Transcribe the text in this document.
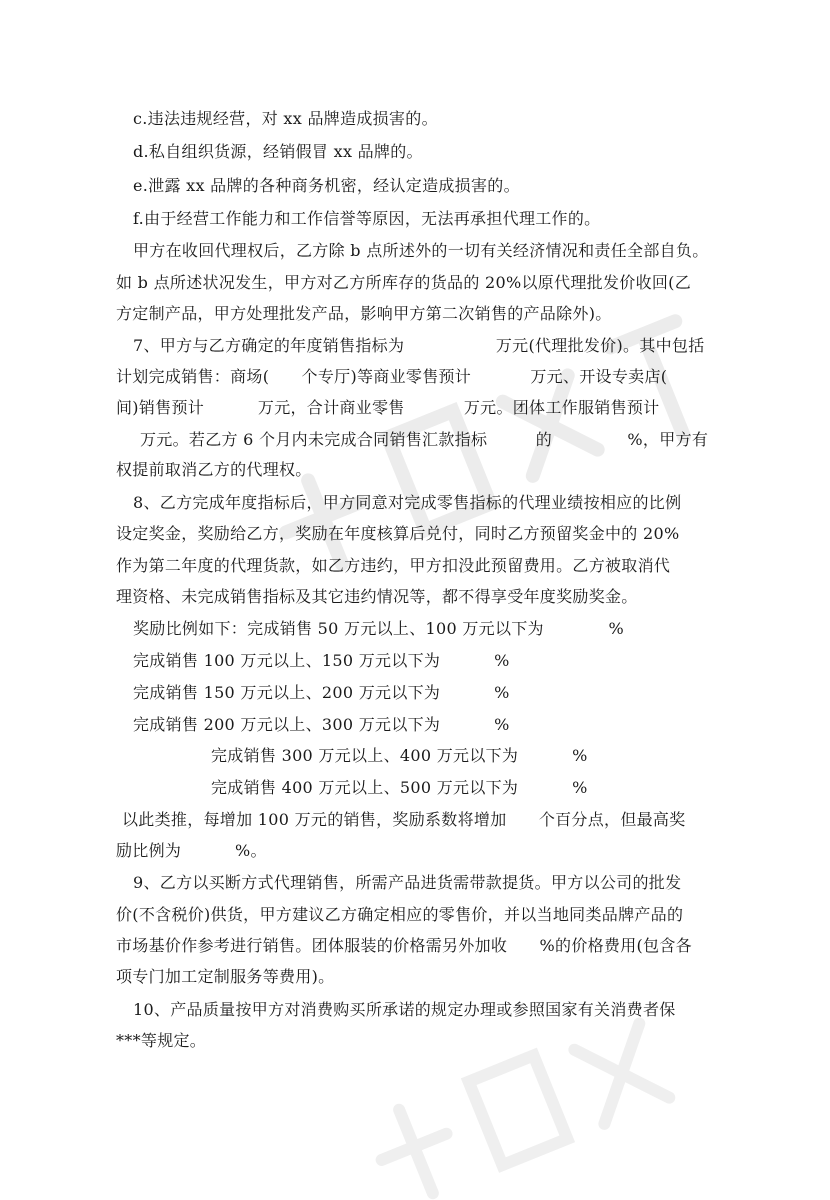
c.违法违规经营，对 xx 品牌造成损害的。
d.私自组织货源，经销假冒 xx 品牌的。
e.泄露 xx 品牌的各种商务机密，经认定造成损害的。
f.由于经营工作能力和工作信誉等原因，无法再承担代理工作的。
甲方在收回代理权后，乙方除 b 点所述外的一切有关经济情况和责任全部自负。
如 b 点所述状况发生，甲方对乙方所库存的货品的 20%以原代理批发价收回(乙
方定制产品，甲方处理批发产品，影响甲方第二次销售的产品除外)。
7、甲方与乙方确定的年度销售指标为                 万元(代理批发价)。其中包括
计划完成销售：商场(      个专厅)等商业零售预计           万元、开设专卖店(
间)销售预计          万元，合计商业零售           万元。团体工作服销售预计
万元。若乙方 6 个月内未完成合同销售汇款指标         的              %，甲方有
权提前取消乙方的代理权。
8、乙方完成年度指标后，甲方同意对完成零售指标的代理业绩按相应的比例
设定奖金，奖励给乙方，奖励在年度核算后兑付，同时乙方预留奖金中的 20%
作为第二年度的代理货款，如乙方违约，甲方扣没此预留费用。乙方被取消代
理资格、未完成销售指标及其它违约情况等，都不得享受年度奖励奖金。
奖励比例如下：完成销售 50 万元以上、100 万元以下为            %
完成销售 100 万元以上、150 万元以下为          %
完成销售 150 万元以上、200 万元以下为          %
完成销售 200 万元以上、300 万元以下为          %
完成销售 300 万元以上、400 万元以下为          %
完成销售 400 万元以上、500 万元以下为          %
以此类推，每增加 100 万元的销售，奖励系数将增加      个百分点，但最高奖
励比例为          %。
9、乙方以买断方式代理销售，所需产品进货需带款提货。甲方以公司的批发
价(不含税价)供货，甲方建议乙方确定相应的零售价，并以当地同类品牌产品的
市场基价作参考进行销售。团体服装的价格需另外加收      %的价格费用(包含各
项专门加工定制服务等费用)。
10、产品质量按甲方对消费购买所承诺的规定办理或参照国家有关消费者保
***等规定。
